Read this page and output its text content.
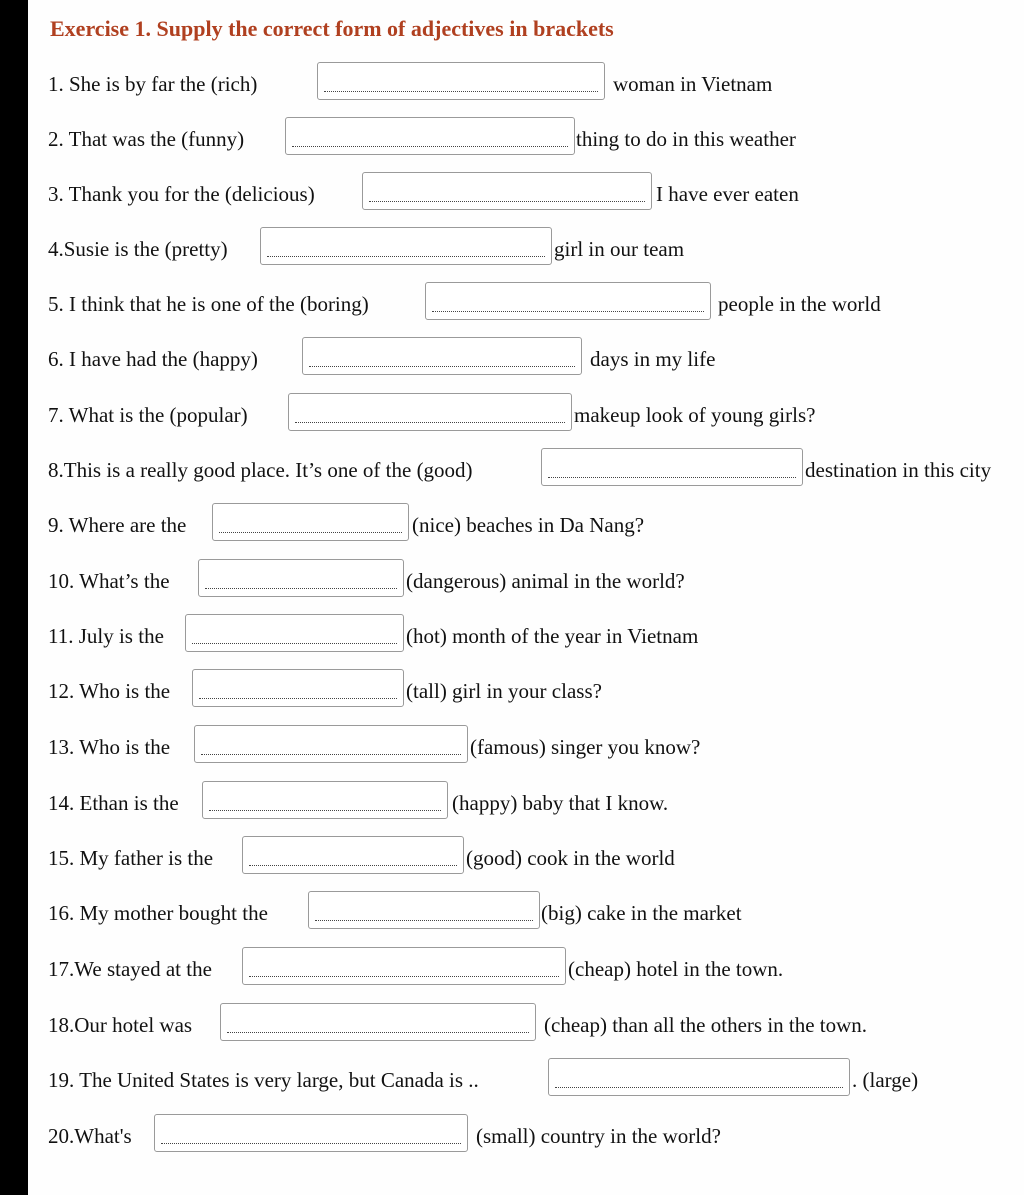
Exercise 1. Supply the correct form of adjectives in brackets
1. She is by far the (rich)	woman in Vietnam
2. That was the (funny)	thing to do in this weather
3. Thank you for the (delicious)	I have ever eaten
4.Susie is the (pretty)	girl in our team
5. I think that he is one of the (boring)	people in the world
6. I have had the (happy)	days in my life
7. What is the (popular)	makeup look of young girls?
8.This is a really good place. It’s one of the (good)	destination in this city
9. Where are the	(nice) beaches in Da Nang?
10. What’s the	(dangerous) animal in the world?
11. July is the	(hot) month of the year in Vietnam
12. Who is the	(tall) girl in your class?
13. Who is the	(famous) singer you know?
14. Ethan is the	(happy) baby that I know.
15. My father is the	(good) cook in the world
16. My mother bought the	(big) cake in the market
17.We stayed at the	(cheap) hotel in the town.
18.Our hotel was	(cheap) than all the others in the town.
19. The United States is very large, but Canada is ..	. (large)
20.What's	(small) country in the world?
